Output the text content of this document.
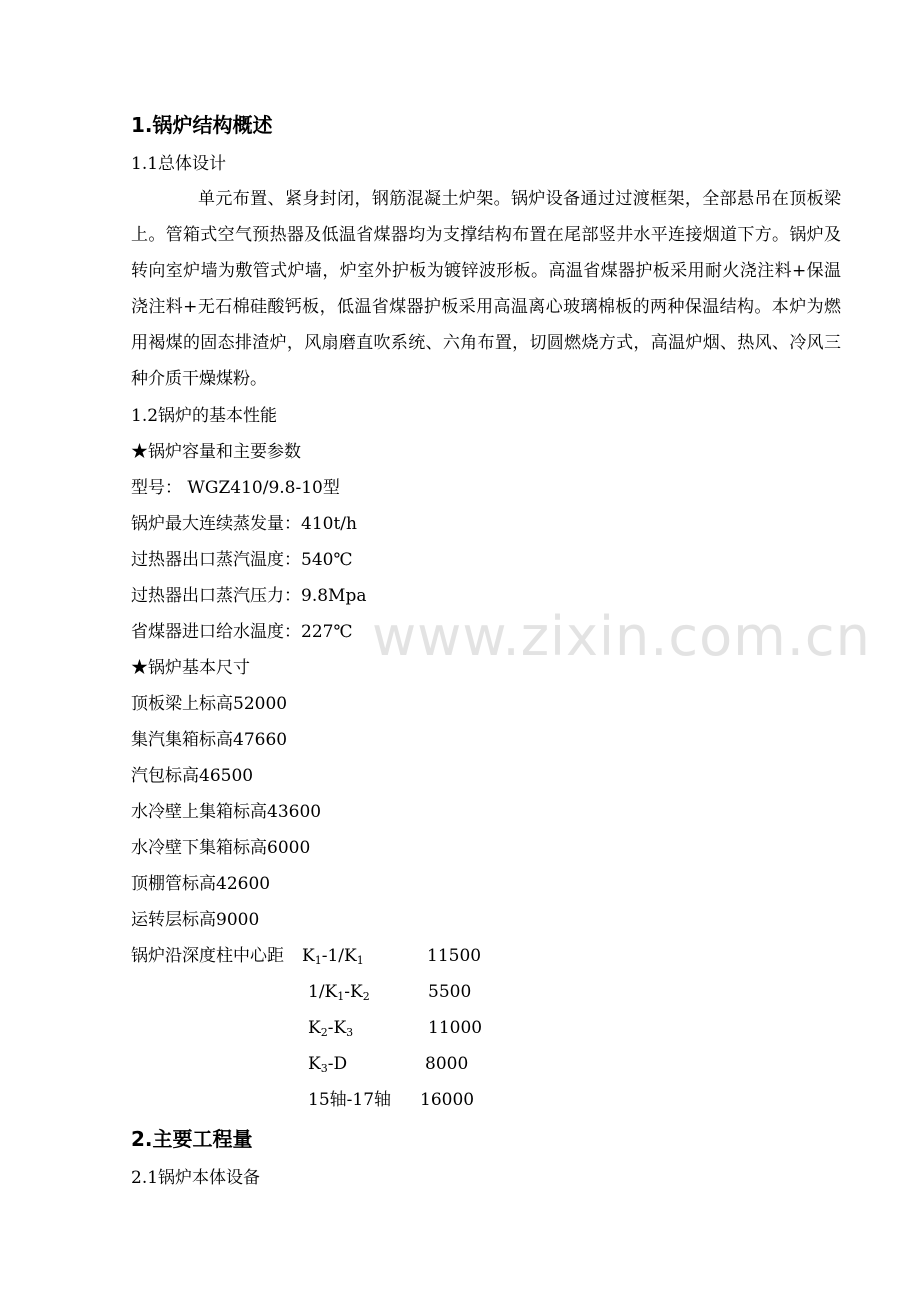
www.zixin.com.cn
1.锅炉结构概述
1.1总体设计
单元布置、紧身封闭，钢筋混凝土炉架。锅炉设备通过过渡框架，全部悬吊在顶板梁上。管箱式空气预热器及低温省煤器均为支撑结构布置在尾部竖井水平连接烟道下方。锅炉及转向室炉墙为敷管式炉墙，炉室外护板为镀锌波形板。高温省煤器护板采用耐火浇注料+保温浇注料+无石棉硅酸钙板，低温省煤器护板采用高温离心玻璃棉板的两种保温结构。本炉为燃用褐煤的固态排渣炉，风扇磨直吹系统、六角布置，切圆燃烧方式，高温炉烟、热风、冷风三种介质干燥煤粉。
1.2锅炉的基本性能
★锅炉容量和主要参数
型号： WGZ410/9.8-10型
锅炉最大连续蒸发量：410t/h
过热器出口蒸汽温度：540℃
过热器出口蒸汽压力：9.8Mpa
省煤器进口给水温度：227℃
★锅炉基本尺寸
顶板梁上标高52000
集汽集箱标高47660
汽包标高46500
水冷壁上集箱标高43600
水冷壁下集箱标高6000
顶棚管标高42600
运转层标高9000
锅炉沿深度柱中心距 $K_1-1/K_1$	11500
$1/K_1-K_2$	5500
$K_2-K_3$	11000
$K_3-D$	8000
15轴-17轴 16000
2.主要工程量
2.1锅炉本体设备
